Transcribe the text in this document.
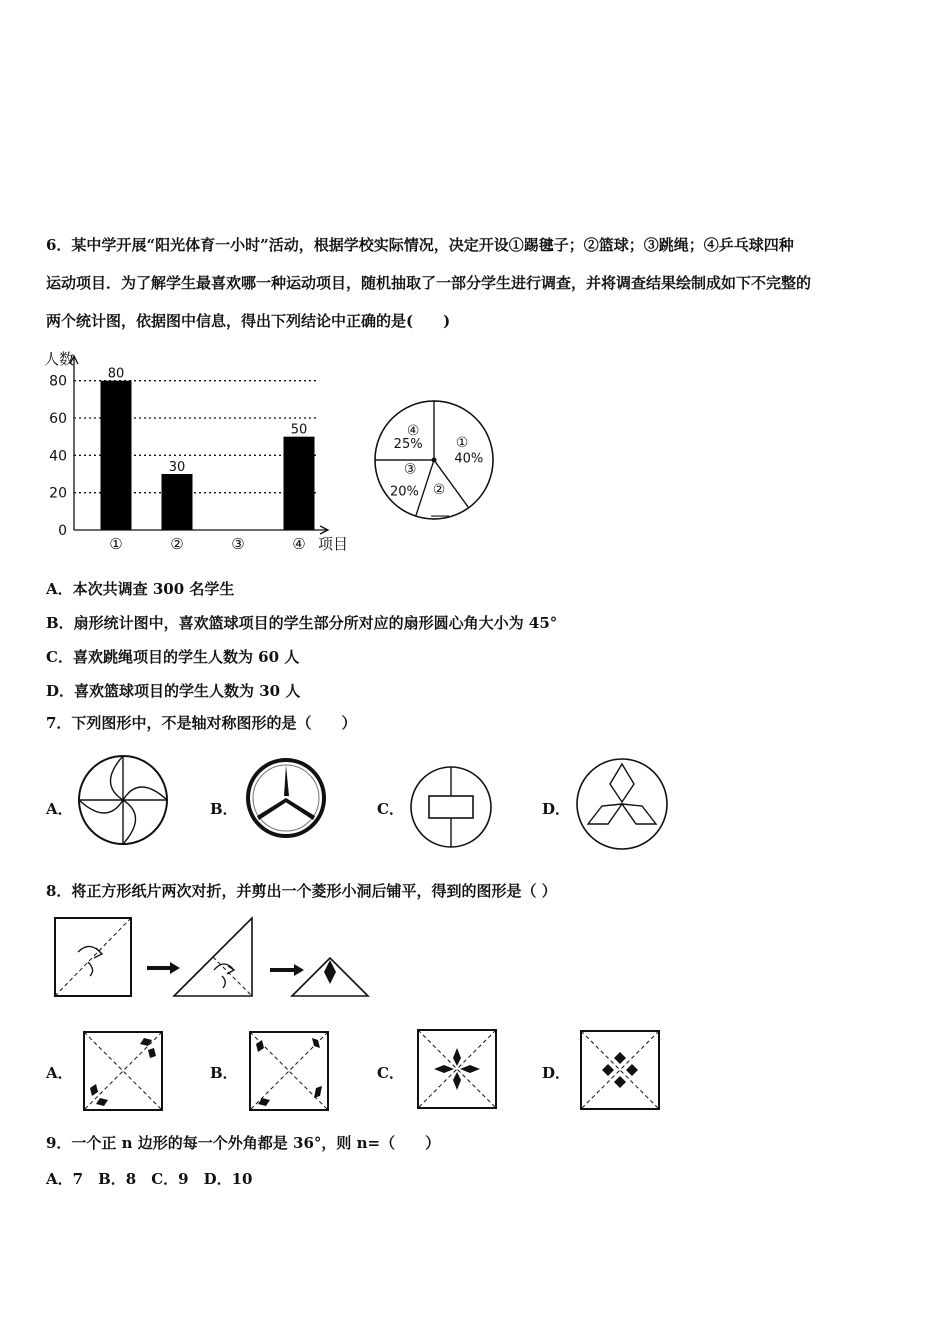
6．某中学开展“阳光体育一小时”活动，根据学校实际情况，决定开设①踢毽子；②篮球；③跳绳；④乒乓球四种
运动项目．为了解学生最喜欢哪一种运动项目，随机抽取了一部分学生进行调查，并将调查结果绘制成如下不完整的
两个统计图，依据图中信息，得出下列结论中正确的是(　　)
人数
项目
0
20
40
60
80	80
①
30
②	③
50
④
①
40%
②
③
20%
④
25%
A．本次共调查 300 名学生
B．扇形统计图中，喜欢篮球项目的学生部分所对应的扇形圆心角大小为 45°
C．喜欢跳绳项目的学生人数为 60 人
D．喜欢篮球项目的学生人数为 30 人
7．下列图形中，不是轴对称图形的是（　　）
A．	B．	C．	D．
8．将正方形纸片两次对折，并剪出一个菱形小洞后铺平，得到的图形是（ ）
A．	B．	C．	D．
9．一个正 n 边形的每一个外角都是 36°，则 n=（　　）
A．7　B．8　C．9　D．10
